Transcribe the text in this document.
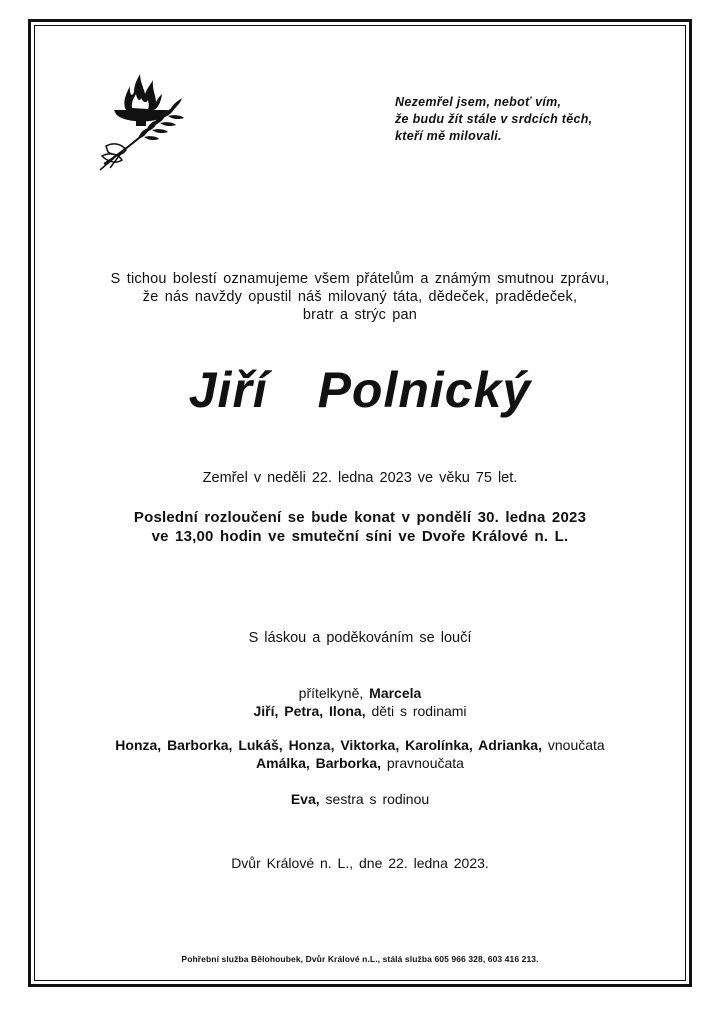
Nezemřel jsem, neboť vím,
že budu žít stále v srdcích těch,
kteří mě milovali.
S tichou bolestí oznamujeme všem přátelům a známým smutnou zprávu,
že nás navždy opustil náš milovaný táta, dědeček, pradědeček,
bratr a strýc pan
Jiří  Polnický
Zemřel v neděli 22. ledna 2023 ve věku 75 let.
Poslední rozloučení se bude konat v pondělí 30. ledna 2023
ve 13,00 hodin ve smuteční síni ve Dvoře Králové n. L.
S láskou a poděkováním se loučí
přítelkyně, Marcela
Jiří, Petra, Ilona, děti s rodinami
Honza, Barborka, Lukáš, Honza, Viktorka, Karolínka, Adrianka, vnoučata
Amálka, Barborka, pravnoučata
Eva, sestra s rodinou
Dvůr Králové n. L., dne 22. ledna 2023.
Pohřební služba Bělohoubek, Dvůr Králové n.L., stálá služba 605 966 328, 603 416 213.
